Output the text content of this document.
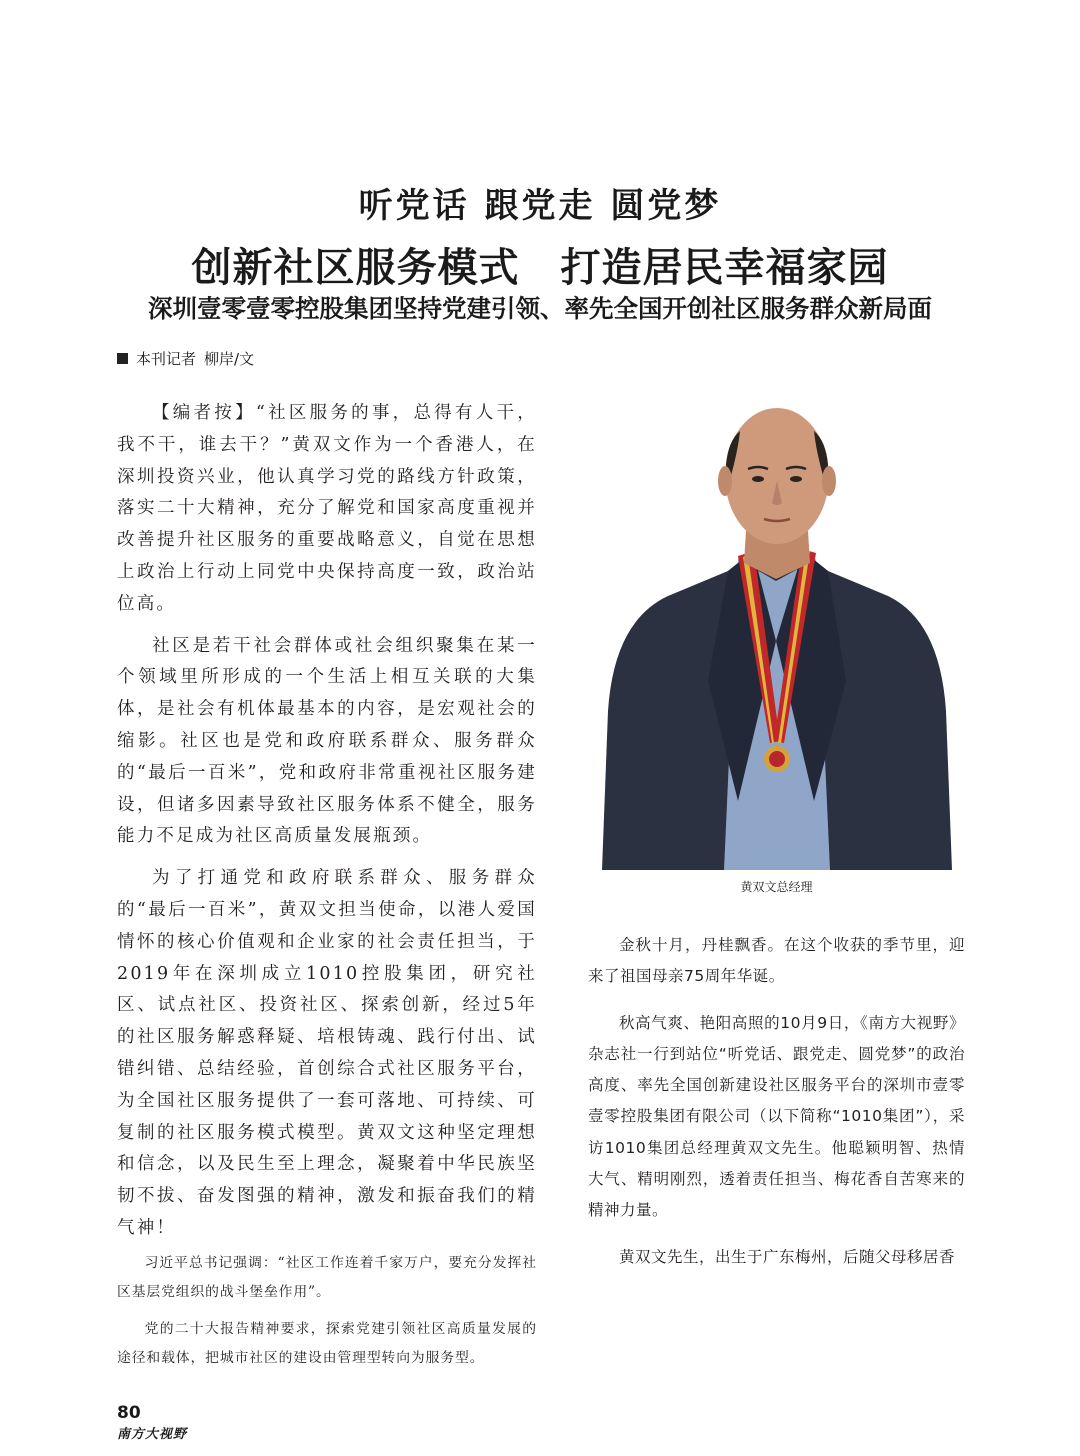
听党话 跟党走 圆党梦
创新社区服务模式　打造居民幸福家园
深圳壹零壹零控股集团坚持党建引领、率先全国开创社区服务群众新局面
本刊记者 柳岸/文

【编者按】“社区服务的事，总得有人干，我不干，谁去干？”黄双文作为一个香港人，在深圳投资兴业，他认真学习党的路线方针政策，落实二十大精神，充分了解党和国家高度重视并改善提升社区服务的重要战略意义，自觉在思想上政治上行动上同党中央保持高度一致，政治站位高。

社区是若干社会群体或社会组织聚集在某一个领域里所形成的一个生活上相互关联的大集体，是社会有机体最基本的内容，是宏观社会的缩影。社区也是党和政府联系群众、服务群众的“最后一百米”，党和政府非常重视社区服务建设，但诸多因素导致社区服务体系不健全，服务能力不足成为社区高质量发展瓶颈。

为了打通党和政府联系群众、服务群众的“最后一百米”，黄双文担当使命，以港人爱国情怀的核心价值观和企业家的社会责任担当，于2019年在深圳成立1010控股集团，研究社区、试点社区、投资社区、探索创新，经过5年的社区服务解惑释疑、培根铸魂、践行付出、试错纠错、总结经验，首创综合式社区服务平台，为全国社区服务提供了一套可落地、可持续、可复制的社区服务模式模型。黄双文这种坚定理想和信念，以及民生至上理念，凝聚着中华民族坚韧不拔、奋发图强的精神，激发和振奋我们的精气神！

习近平总书记强调：“社区工作连着千家万户，要充分发挥社区基层党组织的战斗堡垒作用”。

党的二十大报告精神要求，探索党建引领社区高质量发展的途径和载体，把城市社区的建设由管理型转向为服务型。

黄双文总经理

金秋十月，丹桂飘香。在这个收获的季节里，迎来了祖国母亲75周年华诞。

秋高气爽、艳阳高照的10月9日，《南方大视野》杂志社一行到站位“听党话、跟党走、圆党梦”的政治高度、率先全国创新建设社区服务平台的深圳市壹零壹零控股集团有限公司（以下简称“1010集团”），采访1010集团总经理黄双文先生。他聪颖明智、热情大气、精明刚烈，透着责任担当、梅花香自苦寒来的精神力量。

黄双文先生，出生于广东梅州，后随父母移居香

80
南方大视野
